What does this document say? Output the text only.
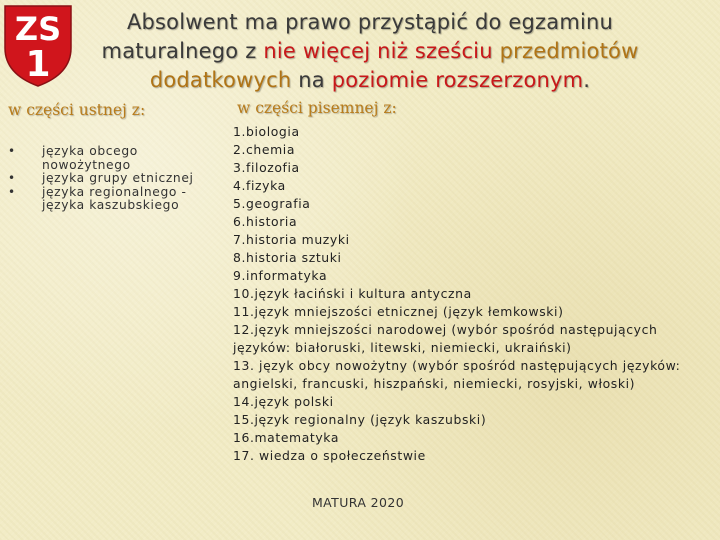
ZS
1
Absolwent ma prawo przystąpić do egzaminu maturalnego z nie więcej niż sześciu przedmiotów dodatkowych na poziomie rozszerzonym.
w części ustnej z:
• języka obcego nowożytnego
• języka grupy etnicznej
• języka regionalnego - języka kaszubskiego
w części pisemnej z:
1.biologia
2.chemia
3.filozofia
4.fizyka
5.geografia
6.historia
7.historia muzyki
8.historia sztuki
9.informatyka
10.język łaciński i kultura antyczna
11.język mniejszości etnicznej (język łemkowski)
12.język mniejszości narodowej (wybór spośród następujących języków: białoruski, litewski, niemiecki, ukraiński)
13. język obcy nowożytny (wybór spośród następujących języków: angielski, francuski, hiszpański, niemiecki, rosyjski, włoski)
14.język polski
15.język regionalny (język kaszubski)
16.matematyka
17. wiedza o społeczeństwie
MATURA 2020
